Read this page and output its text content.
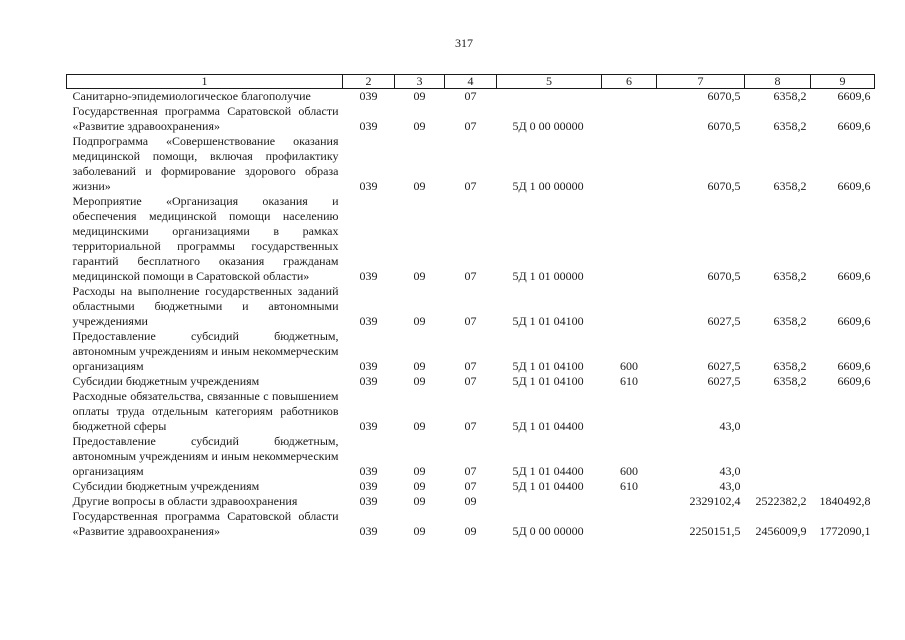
317
1	2	3	4	5	6	7	8	9
Санитарно-эпидемиологическое благополучие	039	09	07			6070,5	6358,2	6609,6
Государственная программа Саратовской области «Развитие здравоохранения»	039	09	07	5Д 0 00 00000		6070,5	6358,2	6609,6
Подпрограмма «Совершенствование оказания медицинской помощи, включая профилактику заболеваний и формирование здорового образа жизни»	039	09	07	5Д 1 00 00000		6070,5	6358,2	6609,6
Мероприятие «Организация оказания и обеспечения медицинской помощи населению медицинскими организациями в рамках территориальной программы государственных гарантий бесплатного оказания гражданам медицинской помощи в Саратовской области»	039	09	07	5Д 1 01 00000		6070,5	6358,2	6609,6
Расходы на выполнение государственных заданий областными бюджетными и автономными учреждениями	039	09	07	5Д 1 01 04100		6027,5	6358,2	6609,6
Предоставление субсидий бюджетным, автономным учреждениям и иным некоммерческим организациям	039	09	07	5Д 1 01 04100	600	6027,5	6358,2	6609,6
Субсидии бюджетным учреждениям	039	09	07	5Д 1 01 04100	610	6027,5	6358,2	6609,6
Расходные обязательства, связанные с повышением оплаты труда отдельным категориям работников бюджетной сферы	039	09	07	5Д 1 01 04400		43,0		
Предоставление субсидий бюджетным, автономным учреждениям и иным некоммерческим организациям	039	09	07	5Д 1 01 04400	600	43,0		
Субсидии бюджетным учреждениям	039	09	07	5Д 1 01 04400	610	43,0		
Другие вопросы в области здравоохранения	039	09	09			2329102,4	2522382,2	1840492,8
Государственная программа Саратовской области «Развитие здравоохранения»	039	09	09	5Д 0 00 00000		2250151,5	2456009,9	1772090,1
